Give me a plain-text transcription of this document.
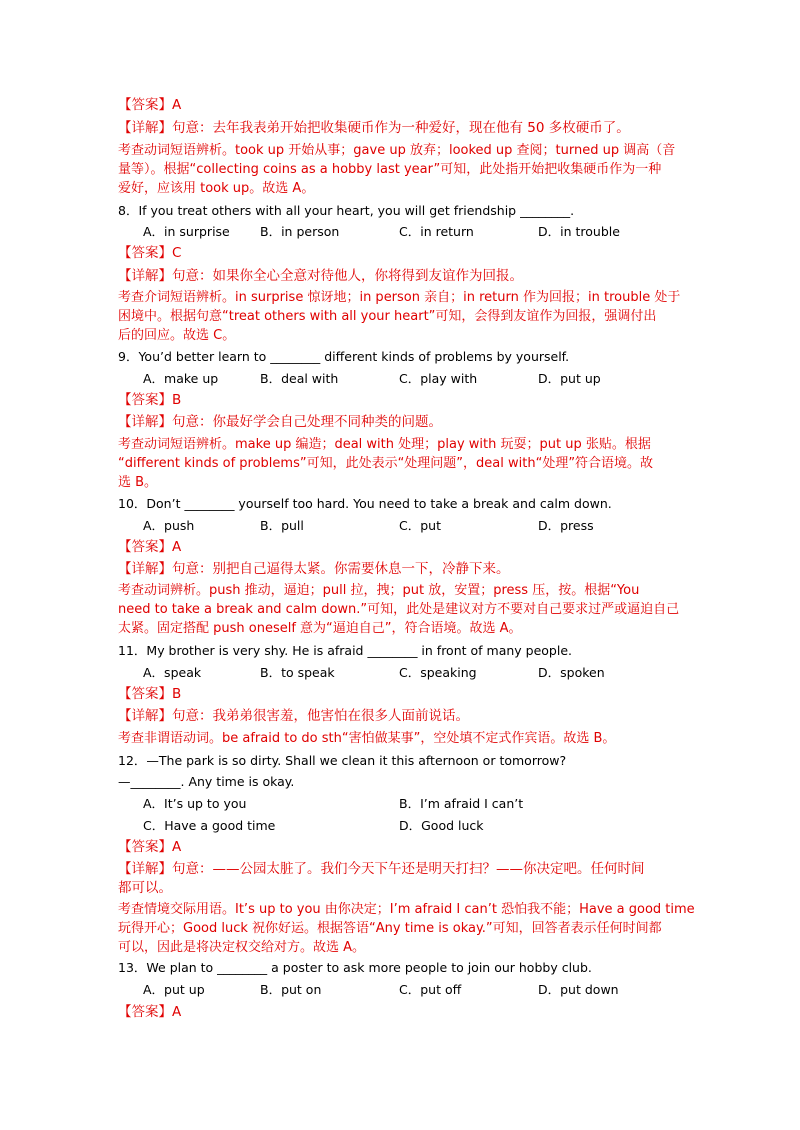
【答案】A
【详解】句意：去年我表弟开始把收集硬币作为一种爱好，现在他有 50 多枚硬币了。
考查动词短语辨析。took up 开始从事；gave up 放弃；looked up 查阅；turned up 调高（音
量等）。根据“collecting coins as a hobby last year”可知，此处指开始把收集硬币作为一种
爱好，应该用 took up。故选 A。
8．If you treat others with all your heart, you will get friendship ________.
A．in surprise B．in person	C．in return	D．in trouble
【答案】C
【详解】句意：如果你全心全意对待他人，你将得到友谊作为回报。
考查介词短语辨析。in surprise 惊讶地；in person 亲自；in return 作为回报；in trouble 处于
困境中。根据句意“treat others with all your heart”可知，会得到友谊作为回报，强调付出
后的回应。故选 C。
9．You’d better learn to ________ different kinds of problems by yourself.
A．make up	B．deal with	C．play with	D．put up
【答案】B
【详解】句意：你最好学会自己处理不同种类的问题。
考查动词短语辨析。make up 编造；deal with 处理；play with 玩耍；put up 张贴。根据
“different kinds of problems”可知，此处表示“处理问题”，deal with“处理”符合语境。故
选 B。
10．Don’t ________ yourself too hard. You need to take a break and calm down.
A．push	B．pull	C．put	D．press
【答案】A
【详解】句意：别把自己逼得太紧。你需要休息一下，冷静下来。
考查动词辨析。push 推动，逼迫；pull 拉，拽；put 放，安置；press 压，按。根据“You
need to take a break and calm down.”可知，此处是建议对方不要对自己要求过严或逼迫自己
太紧。固定搭配 push oneself 意为“逼迫自己”，符合语境。故选 A。
11．My brother is very shy. He is afraid ________ in front of many people.
A．speak	B．to speak	C．speaking	D．spoken
【答案】B
【详解】句意：我弟弟很害羞，他害怕在很多人面前说话。
考查非谓语动词。be afraid to do sth“害怕做某事”，空处填不定式作宾语。故选 B。
12．—The park is so dirty. Shall we clean it this afternoon or tomorrow?
—________. Any time is okay.
A．It’s up to you	B．I’m afraid I can’t
C．Have a good time	D．Good luck
【答案】A
【详解】句意：——公园太脏了。我们今天下午还是明天打扫？——你决定吧。任何时间
都可以。
考查情境交际用语。It’s up to you 由你决定；I’m afraid I can’t 恐怕我不能；Have a good time
玩得开心；Good luck 祝你好运。根据答语“Any time is okay.”可知，回答者表示任何时间都
可以，因此是将决定权交给对方。故选 A。
13．We plan to ________ a poster to ask more people to join our hobby club.
A．put up	B．put on	C．put off	D．put down
【答案】A
